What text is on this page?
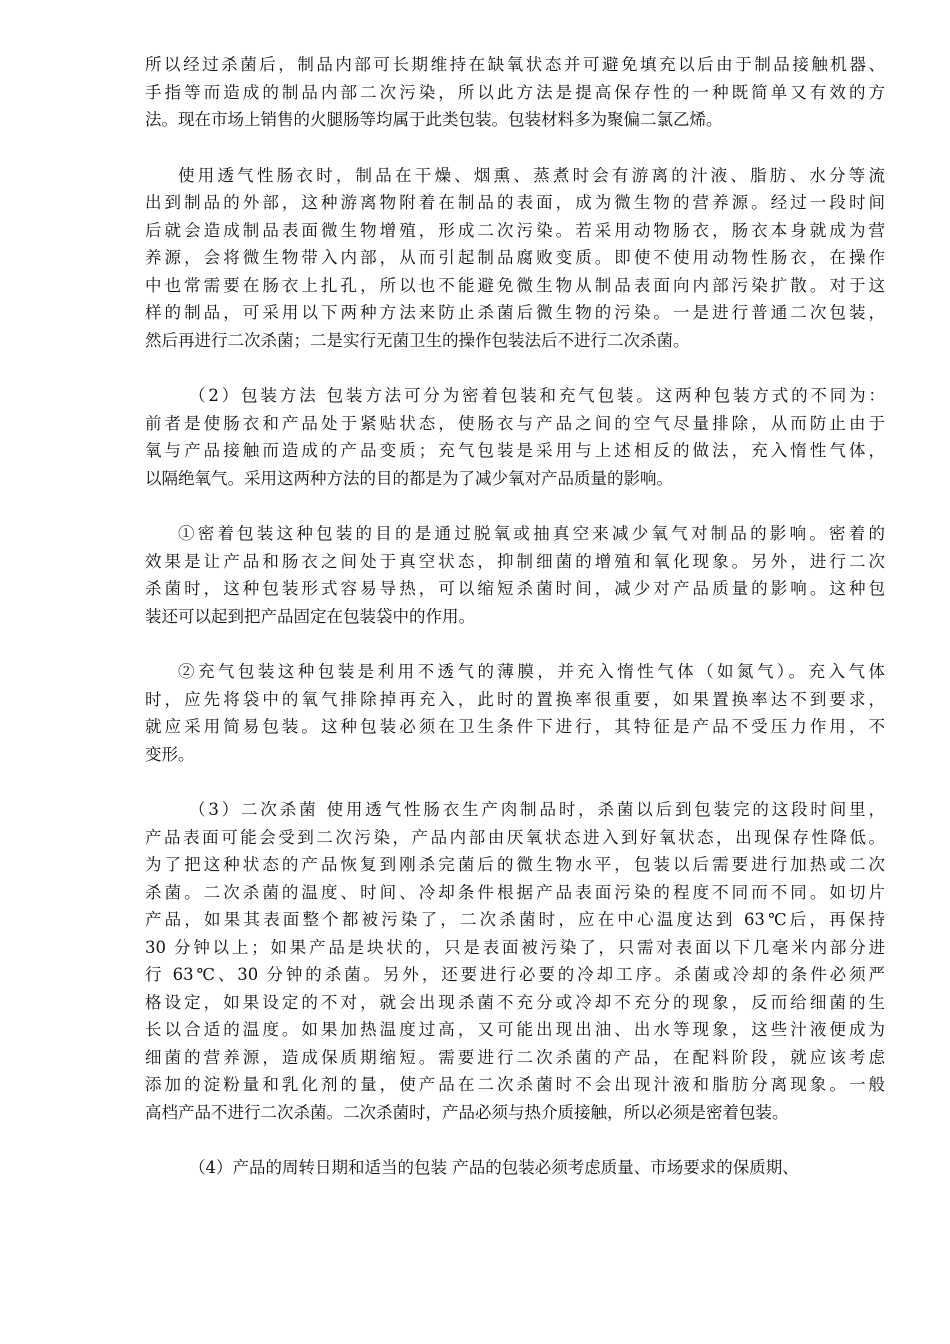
所以经过杀菌后，制品内部可长期维持在缺氧状态并可避免填充以后由于制品接触机器、
手指等而造成的制品内部二次污染，所以此方法是提高保存性的一种既简单又有效的方
法。现在市场上销售的火腿肠等均属于此类包装。包装材料多为聚偏二氯乙烯。
使用透气性肠衣时，制品在干燥、烟熏、蒸煮时会有游离的汁液、脂肪、水分等流
出到制品的外部，这种游离物附着在制品的表面，成为微生物的营养源。经过一段时间
后就会造成制品表面微生物增殖，形成二次污染。若采用动物肠衣，肠衣本身就成为营
养源，会将微生物带入内部，从而引起制品腐败变质。即使不使用动物性肠衣，在操作
中也常需要在肠衣上扎孔，所以也不能避免微生物从制品表面向内部污染扩散。对于这
样的制品，可采用以下两种方法来防止杀菌后微生物的污染。一是进行普通二次包装，
然后再进行二次杀菌；二是实行无菌卫生的操作包装法后不进行二次杀菌。
（2）包装方法 包装方法可分为密着包装和充气包装。这两种包装方式的不同为：
前者是使肠衣和产品处于紧贴状态，使肠衣与产品之间的空气尽量排除，从而防止由于
氧与产品接触而造成的产品变质；充气包装是采用与上述相反的做法，充入惰性气体，
以隔绝氧气。采用这两种方法的目的都是为了减少氧对产品质量的影响。
①密着包装这种包装的目的是通过脱氧或抽真空来减少氧气对制品的影响。密着的
效果是让产品和肠衣之间处于真空状态，抑制细菌的增殖和氧化现象。另外，进行二次
杀菌时，这种包装形式容易导热，可以缩短杀菌时间，减少对产品质量的影响。这种包
装还可以起到把产品固定在包装袋中的作用。
②充气包装这种包装是利用不透气的薄膜，并充入惰性气体（如氮气）。充入气体
时，应先将袋中的氧气排除掉再充入，此时的置换率很重要，如果置换率达不到要求，
就应采用简易包装。这种包装必须在卫生条件下进行，其特征是产品不受压力作用，不
变形。
（3）二次杀菌 使用透气性肠衣生产肉制品时，杀菌以后到包装完的这段时间里，
产品表面可能会受到二次污染，产品内部由厌氧状态进入到好氧状态，出现保存性降低。
为了把这种状态的产品恢复到刚杀完菌后的微生物水平，包装以后需要进行加热或二次
杀菌。二次杀菌的温度、时间、冷却条件根据产品表面污染的程度不同而不同。如切片
产品，如果其表面整个都被污染了，二次杀菌时，应在中心温度达到 63℃后，再保持
30 分钟以上；如果产品是块状的，只是表面被污染了，只需对表面以下几毫米内部分进
行 63℃、30 分钟的杀菌。另外，还要进行必要的冷却工序。杀菌或冷却的条件必须严
格设定，如果设定的不对，就会出现杀菌不充分或冷却不充分的现象，反而给细菌的生
长以合适的温度。如果加热温度过高，又可能出现出油、出水等现象，这些汁液便成为
细菌的营养源，造成保质期缩短。需要进行二次杀菌的产品，在配料阶段，就应该考虑
添加的淀粉量和乳化剂的量，使产品在二次杀菌时不会出现汁液和脂肪分离现象。一般
高档产品不进行二次杀菌。二次杀菌时，产品必须与热介质接触，所以必须是密着包装。
（4）产品的周转日期和适当的包装 产品的包装必须考虑质量、市场要求的保质期、
